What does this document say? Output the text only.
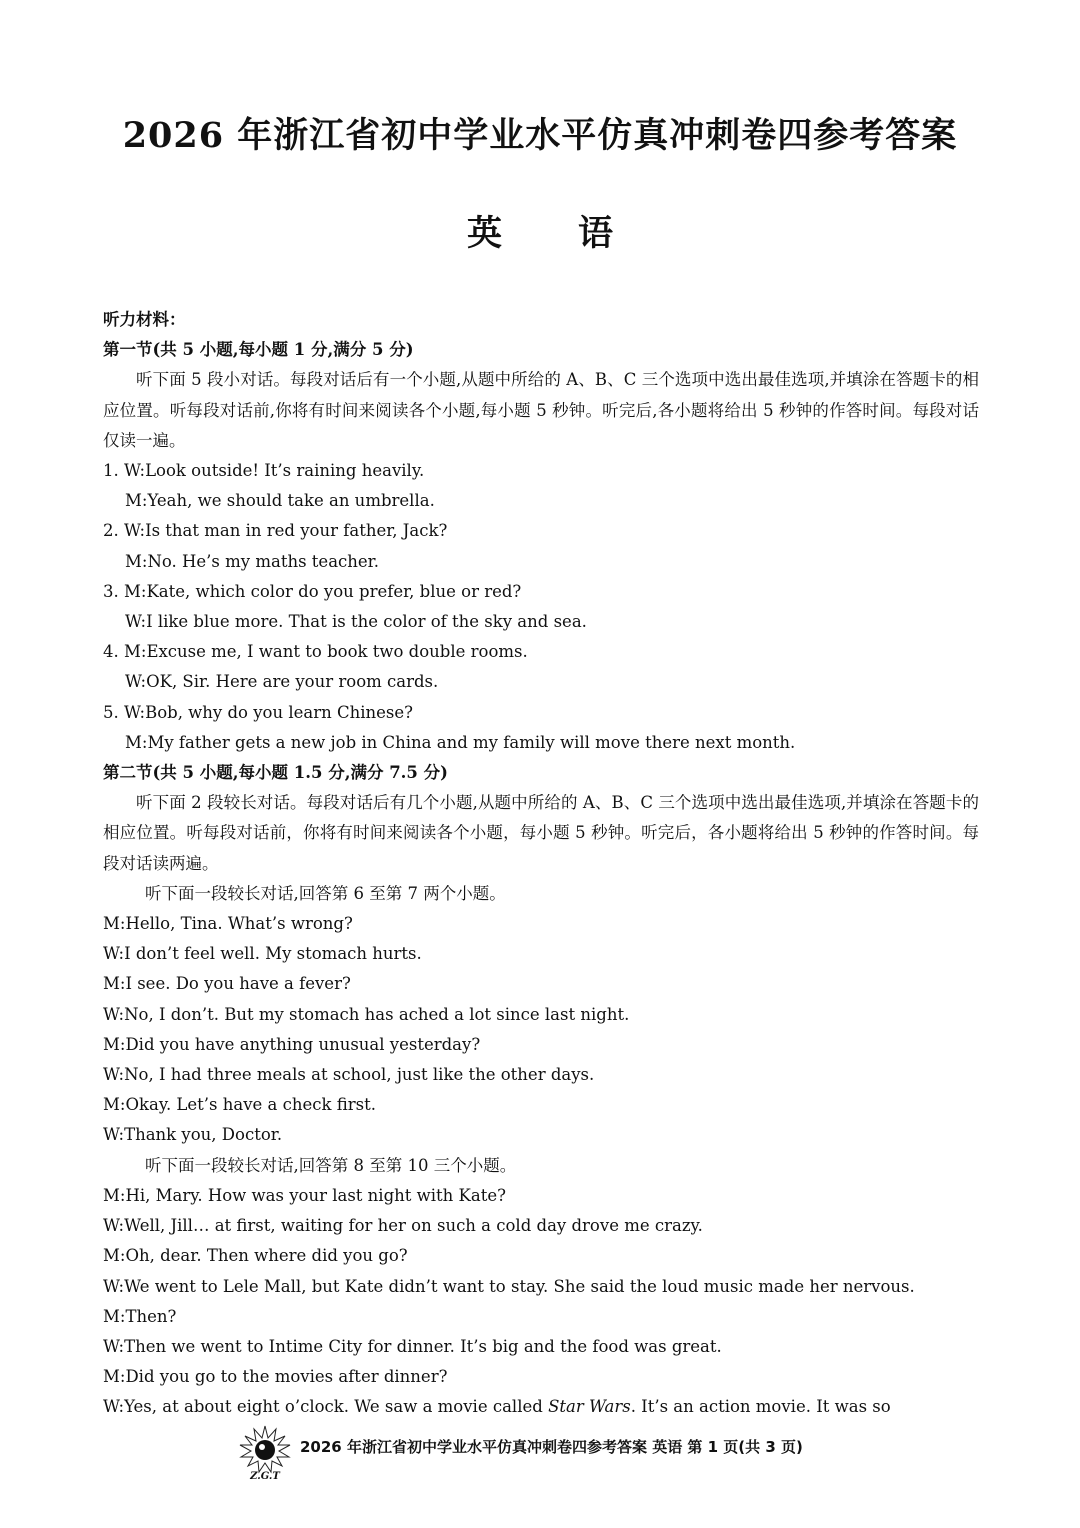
2026 年浙江省初中学业水平仿真冲刺卷四参考答案
英 语

听力材料：

第一节(共 5 小题,每小题 1 分,满分 5 分)

听下面 5 段小对话。每段对话后有一个小题,从题中所给的 A、B、C 三个选项中选出最佳选项,并填涂在答题卡的相应位置。听每段对话前,你将有时间来阅读各个小题,每小题 5 秒钟。听完后,各小题将给出 5 秒钟的作答时间。每段对话仅读一遍。

1. W:Look outside! It’s raining heavily.

M:Yeah, we should take an umbrella.

2. W:Is that man in red your father, Jack?

M:No. He’s my maths teacher.

3. M:Kate, which color do you prefer, blue or red?

W:I like blue more. That is the color of the sky and sea.

4. M:Excuse me, I want to book two double rooms.

W:OK, Sir. Here are your room cards.

5. W:Bob, why do you learn Chinese?

M:My father gets a new job in China and my family will move there next month.

第二节(共 5 小题,每小题 1.5 分,满分 7.5 分)

听下面 2 段较长对话。每段对话后有几个小题,从题中所给的 A、B、C 三个选项中选出最佳选项,并填涂在答题卡的相应位置。听每段对话前，你将有时间来阅读各个小题，每小题 5 秒钟。听完后，各小题将给出 5 秒钟的作答时间。每段对话读两遍。

听下面一段较长对话,回答第 6 至第 7 两个小题。

M:Hello, Tina. What’s wrong?

W:I don’t feel well. My stomach hurts.

M:I see. Do you have a fever?

W:No, I don’t. But my stomach has ached a lot since last night.

M:Did you have anything unusual yesterday?

W:No, I had three meals at school, just like the other days.

M:Okay. Let’s have a check first.

W:Thank you, Doctor.

听下面一段较长对话,回答第 8 至第 10 三个小题。

M:Hi, Mary. How was your last night with Kate?

W:Well, Jill… at first, waiting for her on such a cold day drove me crazy.

M:Oh, dear. Then where did you go?

W:We went to Lele Mall, but Kate didn’t want to stay. She said the loud music made her nervous.

M:Then?

W:Then we went to Intime City for dinner. It’s big and the food was great.

M:Did you go to the movies after dinner?

W:Yes, at about eight o’clock. We saw a movie called Star Wars. It’s an action movie. It was so

Z.G.T
2026 年浙江省初中学业水平仿真冲刺卷四参考答案 英语 第 1 页(共 3 页)
